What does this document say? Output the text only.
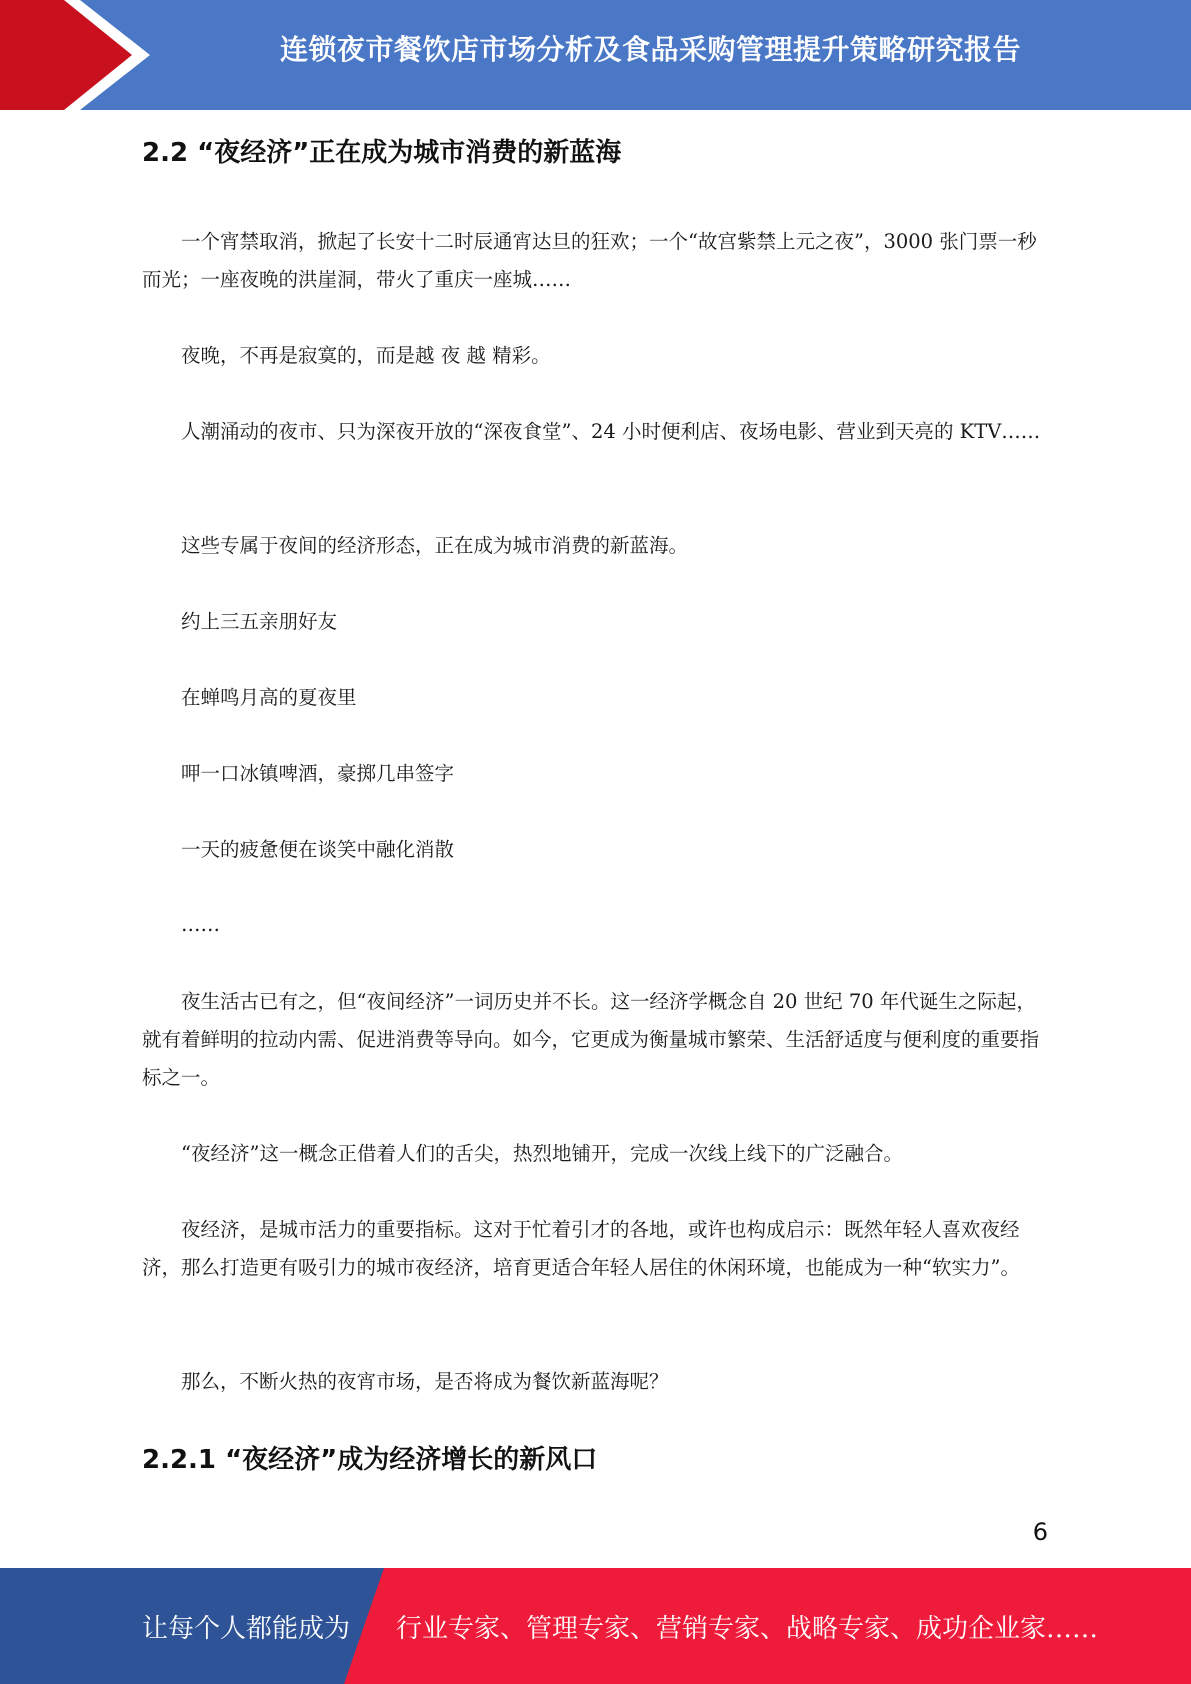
连锁夜市餐饮店市场分析及食品采购管理提升策略研究报告
2.2 “夜经济”正在成为城市消费的新蓝海

一个宵禁取消，掀起了长安十二时辰通宵达旦的狂欢；一个“故宫紫禁上元之夜”，3000 张门票一秒而光；一座夜晚的洪崖洞，带火了重庆一座城……

夜晚，不再是寂寞的，而是越 夜 越 精彩。

人潮涌动的夜市、只为深夜开放的“深夜食堂”、24 小时便利店、夜场电影、营业到天亮的 KTV……

这些专属于夜间的经济形态，正在成为城市消费的新蓝海。

约上三五亲朋好友

在蝉鸣月高的夏夜里

呷一口冰镇啤酒，豪掷几串签字

一天的疲惫便在谈笑中融化消散

……

夜生活古已有之，但“夜间经济”一词历史并不长。这一经济学概念自 20 世纪 70 年代诞生之际起，就有着鲜明的拉动内需、促进消费等导向。如今，它更成为衡量城市繁荣、生活舒适度与便利度的重要指标之一。

“夜经济”这一概念正借着人们的舌尖，热烈地铺开，完成一次线上线下的广泛融合。

夜经济，是城市活力的重要指标。这对于忙着引才的各地，或许也构成启示：既然年轻人喜欢夜经济，那么打造更有吸引力的城市夜经济，培育更适合年轻人居住的休闲环境，也能成为一种“软实力”。

那么，不断火热的夜宵市场，是否将成为餐饮新蓝海呢？

2.2.1 “夜经济”成为经济增长的新风口
6
让每个人都能成为 行业专家、管理专家、营销专家、战略专家、成功企业家……
